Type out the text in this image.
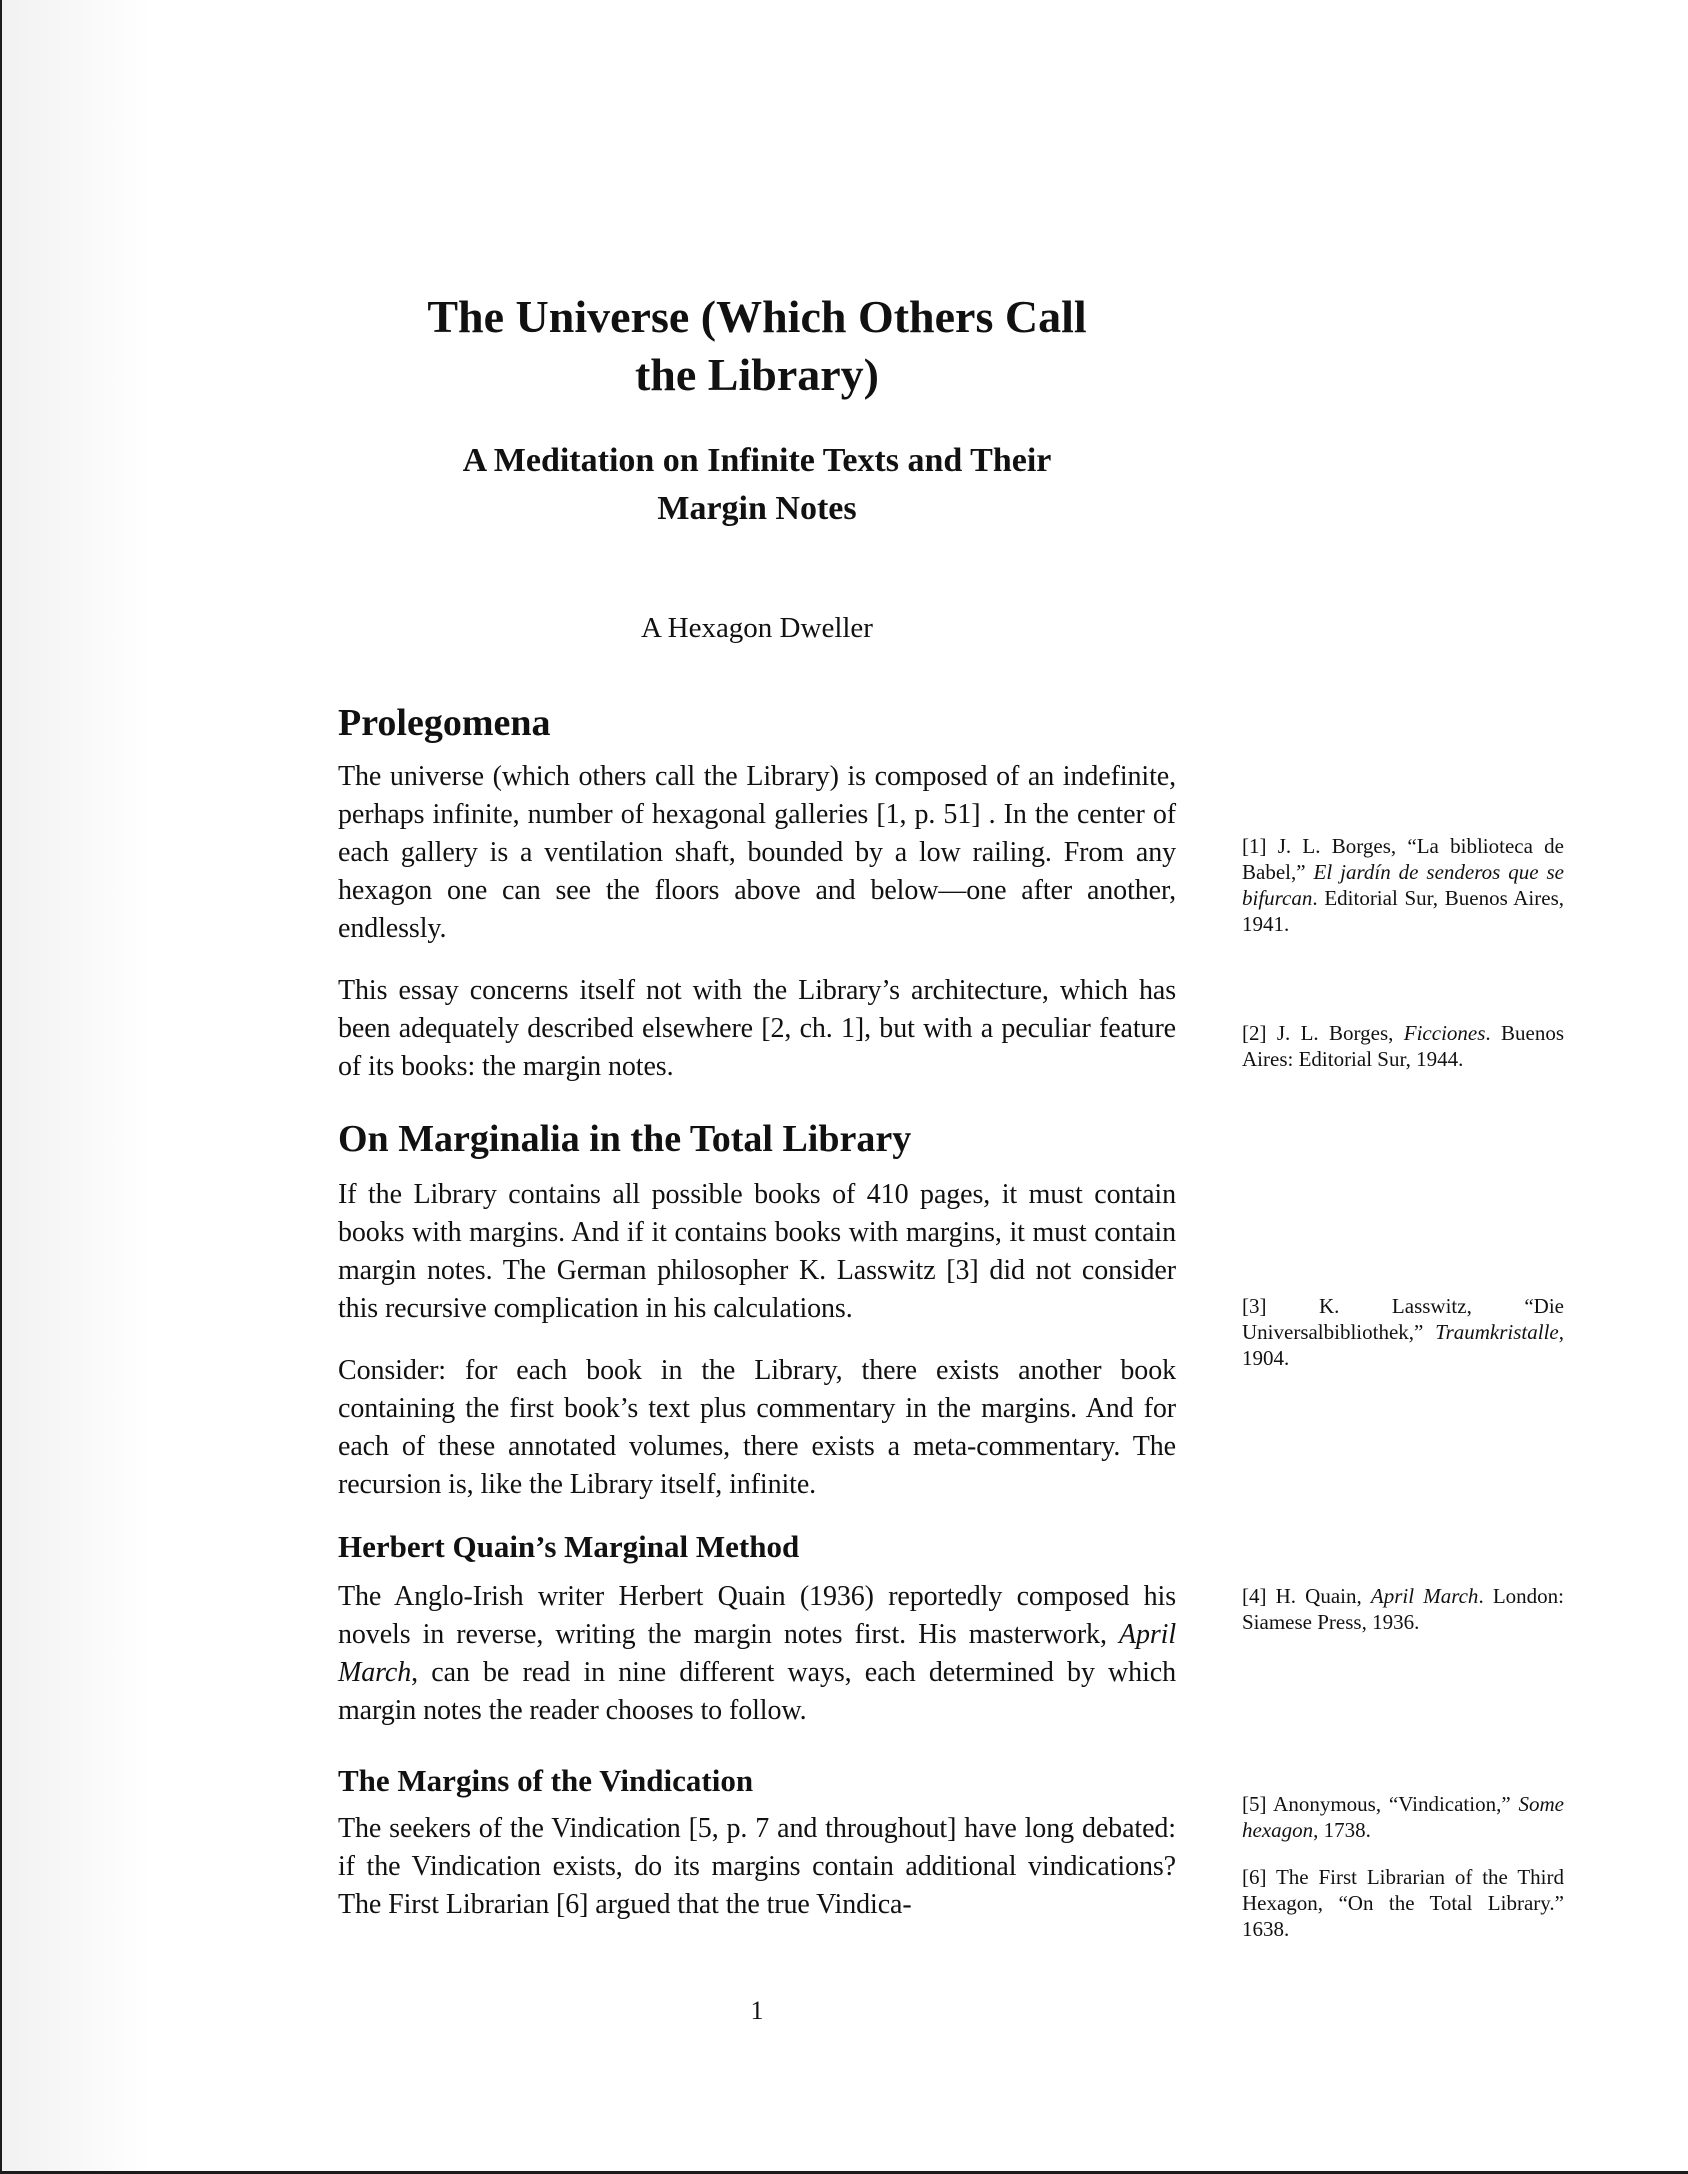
The Universe (Which Others Call
the Library)
A Meditation on Infinite Texts and Their
Margin Notes
A Hexagon Dweller
Prolegomena
The universe (which others call the Library) is composed of an indefinite, perhaps infinite, number of hexagonal galleries [1, p. 51] . In the center of each gallery is a ventilation shaft, bounded by a low railing. From any hexagon one can see the floors above and below—one after another, endlessly.
This essay concerns itself not with the Library’s architecture, which has been adequately described elsewhere [2, ch. 1], but with a peculiar feature of its books: the margin notes.
On Marginalia in the Total Library
If the Library contains all possible books of 410 pages, it must contain books with margins. And if it contains books with margins, it must contain margin notes. The German philosopher K. Lasswitz [3] did not consider this recursive complication in his calculations.
Consider: for each book in the Library, there exists another book containing the first book’s text plus commentary in the margins. And for each of these annotated volumes, there exists a meta-commentary. The recursion is, like the Library itself, infinite.
Herbert Quain’s Marginal Method
The Anglo-Irish writer Herbert Quain (1936) reportedly composed his novels in reverse, writing the margin notes first. His masterwork, April March, can be read in nine different ways, each determined by which margin notes the reader chooses to follow.
The Margins of the Vindication
The seekers of the Vindication [5, p. 7 and throughout] have long debated: if the Vindication exists, do its margins contain additional vindications? The First Librarian [6] argued that the true Vindica-
[1] J. L. Borges, “La biblioteca de Babel,” El jardín de senderos que se bifurcan. Editorial Sur, Buenos Aires, 1941.
[2] J. L. Borges, Ficciones. Buenos Aires: Editorial Sur, 1944.
[3] K. Lasswitz, “Die Universalbibliothek,” Traumkristalle, 1904.
[4] H. Quain, April March. London: Siamese Press, 1936.
[5] Anonymous, “Vindication,” Some hexagon, 1738.
[6] The First Librarian of the Third Hexagon, “On the Total Library.” 1638.
1
